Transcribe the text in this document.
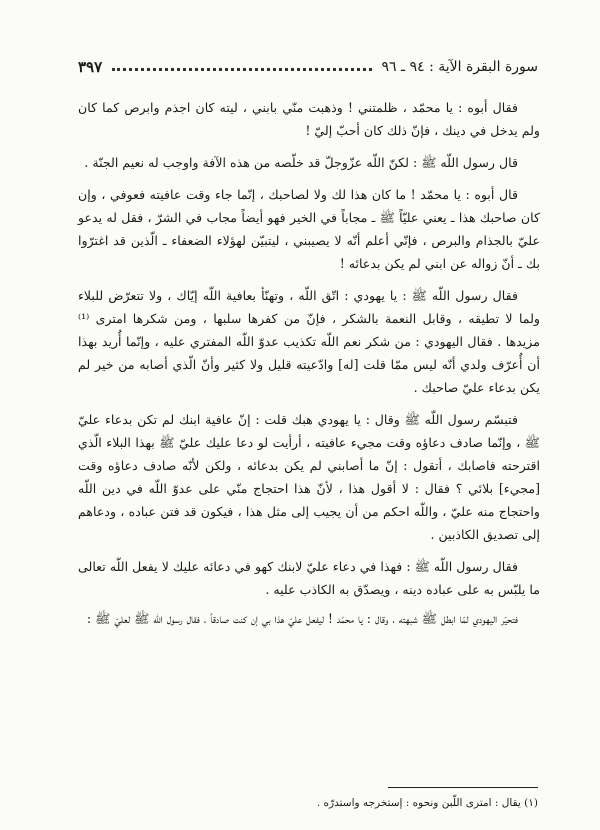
سورة البقرة الآية : ٩٤ ـ ٩٦
٣٩٧

فقال أبوه : يا محمّد ، ظلمتني ! وذهبت منّي بابني ، ليته كان اجذم وابرص كما كان ولم يدخل في دينك ، فإنّ ذلك كان أحبّ إليّ !

قال رسول اللّه ﷺ : لكنّ اللّه عزّوجلّ قد خلّصه من هذه الآفة واوجب له نعيم الجنّة .

قال أبوه : يا محمّد ! ما كان هذا لك ولا لصاحبك ، إنّما جاء وقت عافيته فعوفي ، وإن كان صاحبك هذا ـ يعني عليّاً ﷺ ـ مجاباً في الخير فهو أيضاً مجاب في الشرّ ، فقل له يدعو عليّ بالجذام والبرص ، فإنّي أعلم أنّه لا يصيبني ، ليتبيّن لهؤلاء الضعفاء ـ الّذين قد اغترّوا بك ـ أنّ زواله عن ابني لم يكن بدعائه !

فقال رسول اللّه ﷺ : يا يهودي : اتّق اللّه ، وتهنّأ بعافية اللّه إيّاك ، ولا تتعرّض للبلاء ولما لا تطيقه ، وقابل النعمة بالشكر ، فإنّ من كفرها سلبها ، ومن شكرها امترى ⁽¹⁾ مزيدها . فقال اليهودي : من شكر نعم اللّه تكذيب عدوّ اللّه المفتري عليه ، وإنّما أُريد بهذا أن أُعرّف ولدي أنّه ليس ممّا قلت [له] وادّعيته قليل ولا كثير وأنّ الّذي أصابه من خير لم يكن بدعاء عليّ صاحبك .

فتبسّم رسول اللّه ﷺ وقال : يا يهودي هبك قلت : إنّ عافية ابنك لم تكن بدعاء عليّ ﷺ ، وإنّما صادف دعاؤه وقت مجيء عافيته ، أرأيت لو دعا عليك عليّ ﷺ بهذا البلاء الّذي اقترحته فاصابك ، أتقول : إنّ ما أصابني لم يكن بدعائه ، ولكن لأنّه صادف دعاؤه وقت [مجيء] بلائي ؟ فقال : لا أقول هذا ، لأنّ هذا احتجاج منّي على عدوّ اللّه في دين اللّه واحتجاج منه عليّ ، واللّه احكم من أن يجيب إلى مثل هذا ، فيكون قد فتن عباده ، ودعاهم إلى تصديق الكاذبين .

فقال رسول اللّه ﷺ : فهذا في دعاء عليّ لابنك كهو في دعائه عليك لا يفعل اللّه تعالى ما يلبّس به على عباده دينه ، ويصدّق به الكاذب عليه .

فتحيّر اليهودي لمّا ابطل ﷺ شبهته ، وقال : يا محمّد ! ليفعل عليّ هذا بي إن كنت صادقاً ، فقال رسول اللّه ﷺ لعليّ ﷺ :

(١) يقال : امترى اللّبن ونحوه : إستخرجه واستدرّه .
